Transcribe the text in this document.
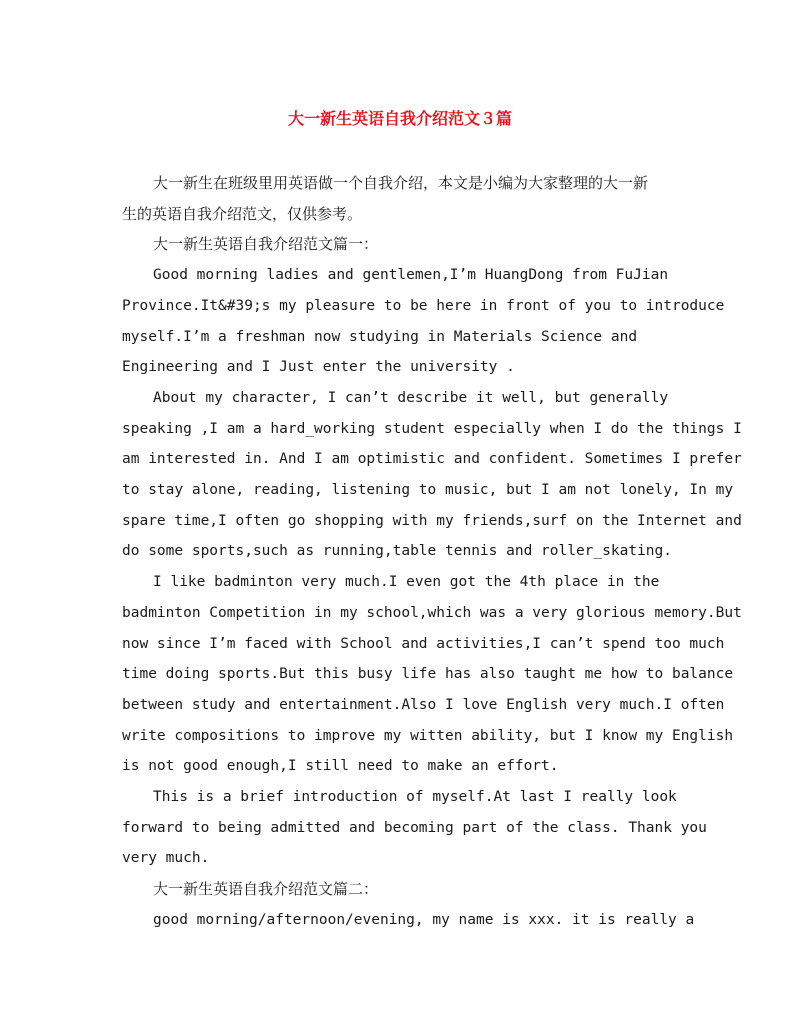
大一新生英语自我介绍范文３篇

大一新生在班级里用英语做一个自我介绍，本文是小编为大家整理的大一新
生的英语自我介绍范文，仅供参考。

大一新生英语自我介绍范文篇一：

Good morning ladies and gentlemen,I’m HuangDong from FuJian
Province.It&#39;s my pleasure to be here in front of you to introduce
myself.I’m a freshman now studying in Materials Science and
Engineering and I Just enter the university .

About my character, I can’t describe it well, but generally
speaking ,I am a hard_working student especially when I do the things I
am interested in. And I am optimistic and confident. Sometimes I prefer
to stay alone, reading, listening to music, but I am not lonely, In my
spare time,I often go shopping with my friends,surf on the Internet and
do some sports,such as running,table tennis and roller_skating.

I like badminton very much.I even got the 4th place in the
badminton Competition in my school,which was a very glorious memory.But
now since I’m faced with School and activities,I can’t spend too much
time doing sports.But this busy life has also taught me how to balance
between study and entertainment.Also I love English very much.I often
write compositions to improve my witten ability, but I know my English
is not good enough,I still need to make an effort.

This is a brief introduction of myself.At last I really look
forward to being admitted and becoming part of the class. Thank you
very much.

大一新生英语自我介绍范文篇二：

good morning/afternoon/evening, my name is xxx. it is really a
